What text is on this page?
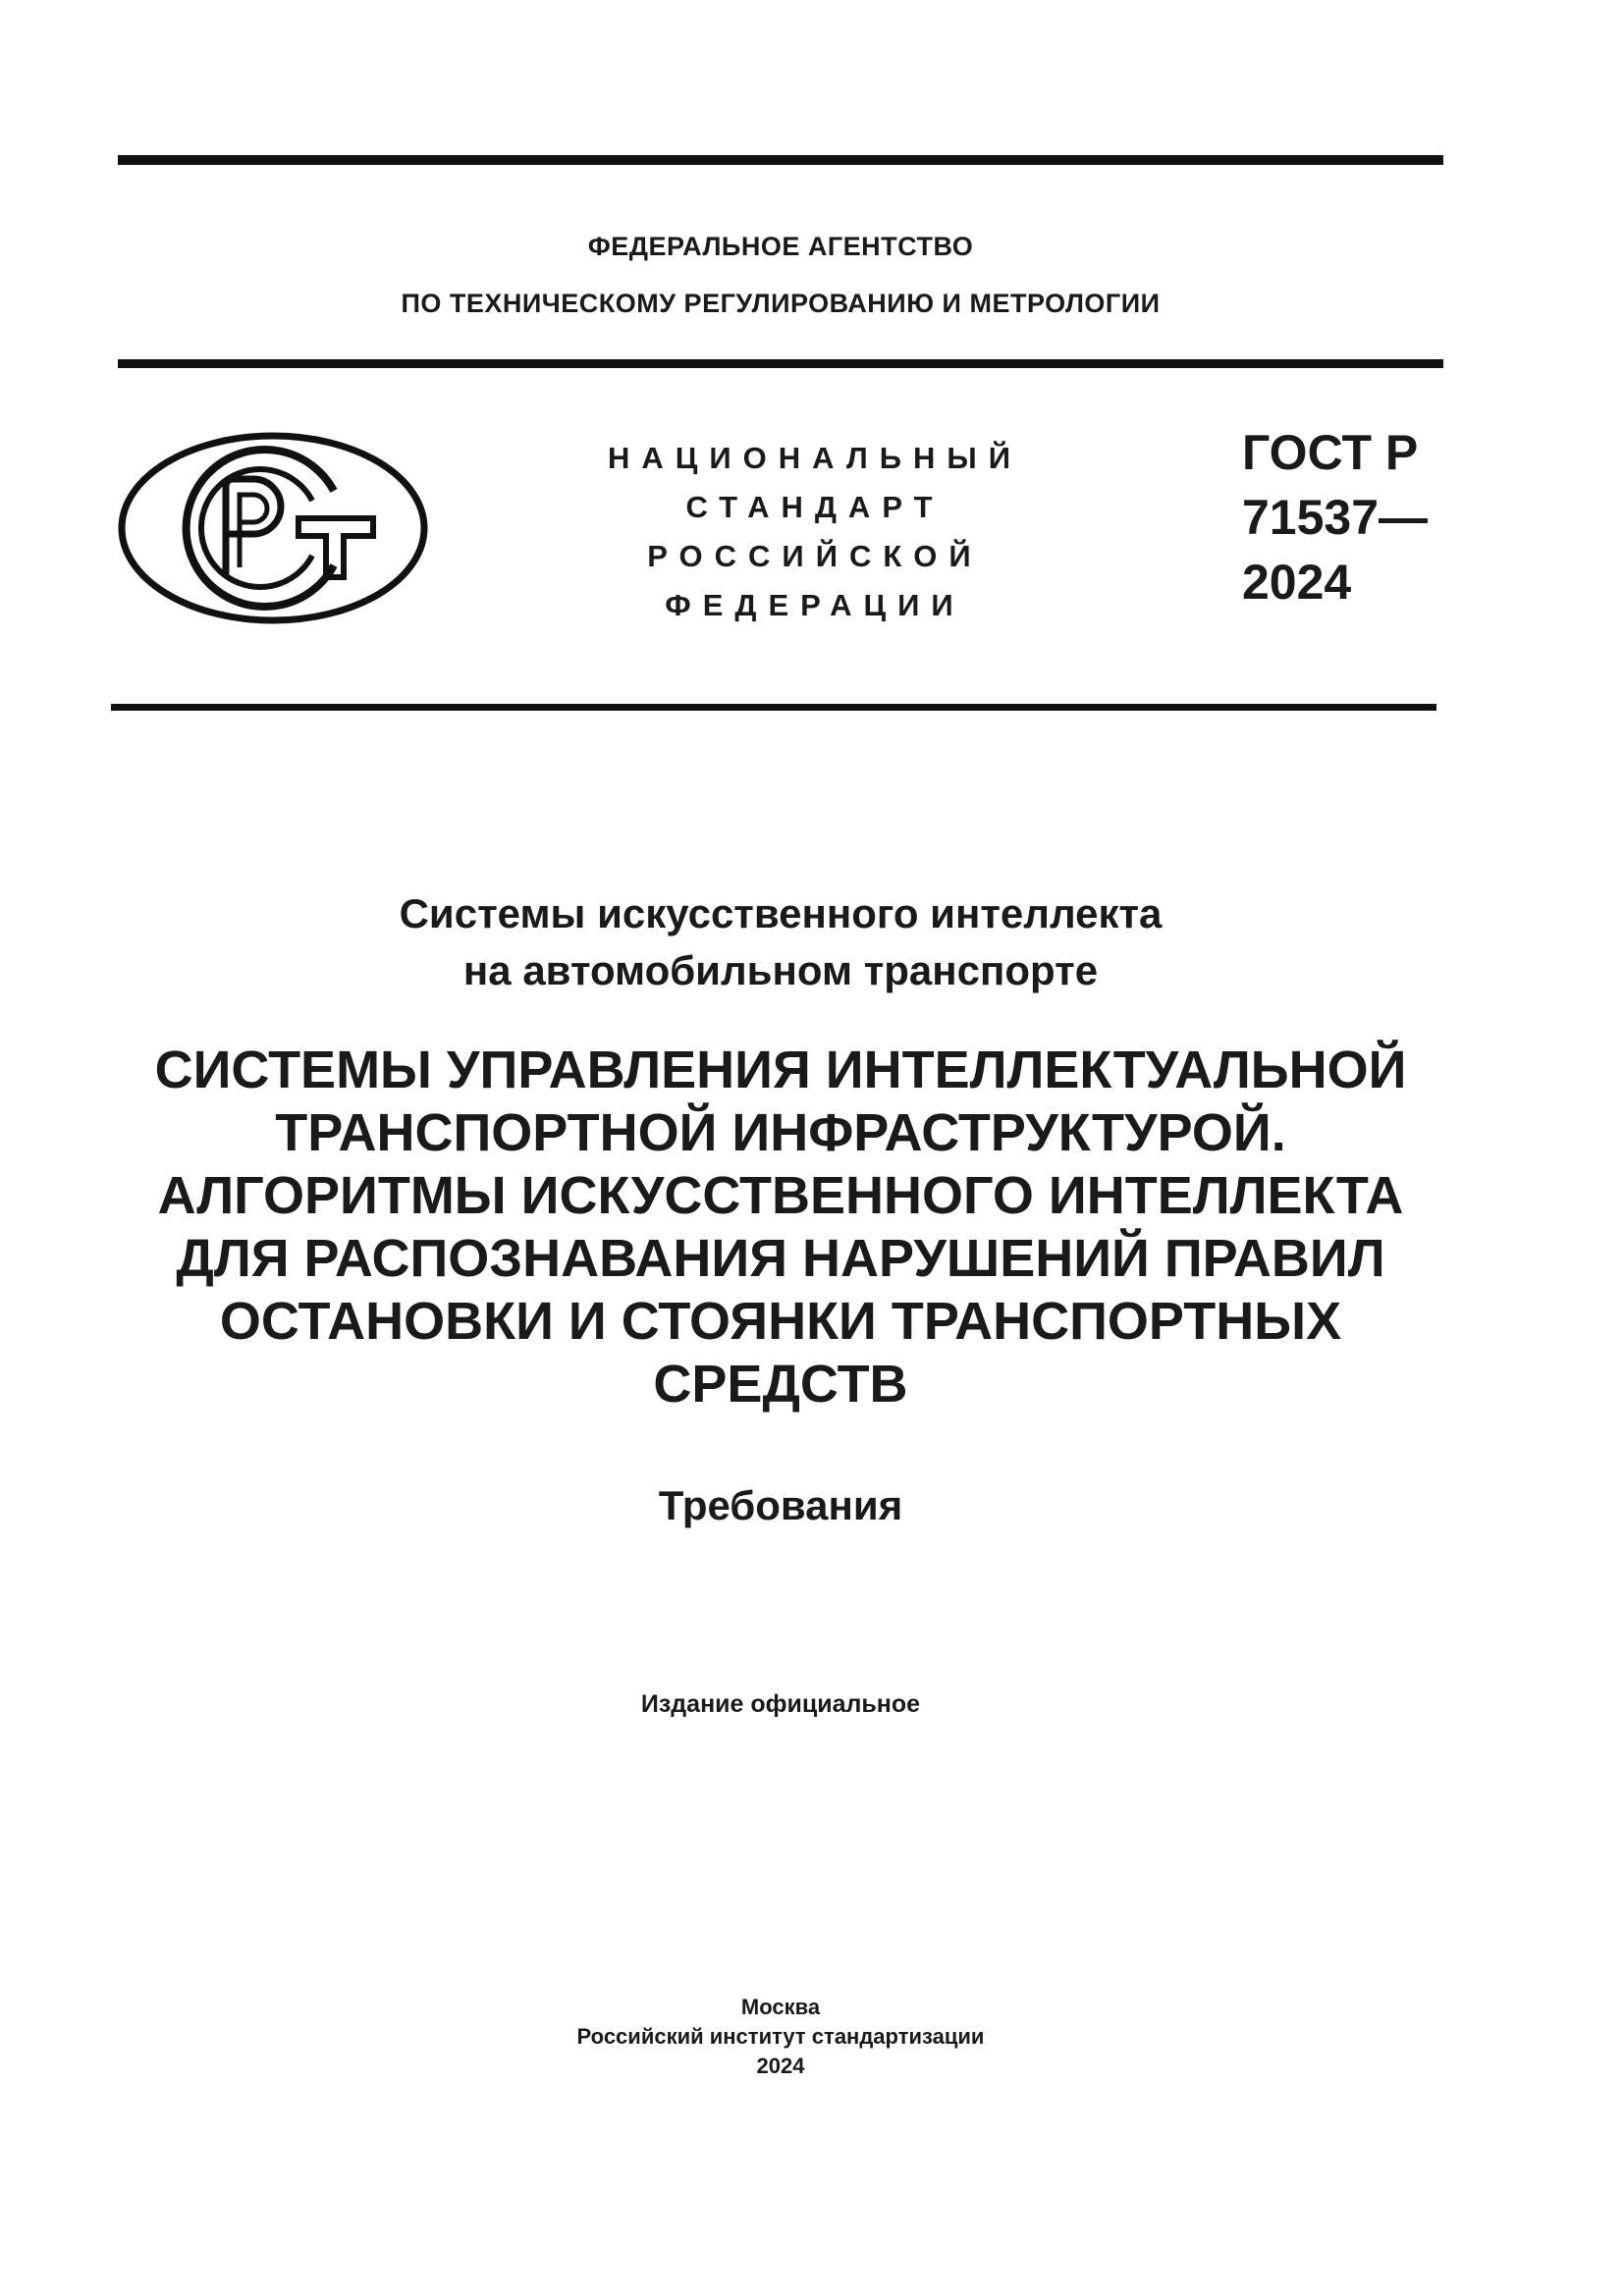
ФЕДЕРАЛЬНОЕ АГЕНТСТВО
ПО ТЕХНИЧЕСКОМУ РЕГУЛИРОВАНИЮ И МЕТРОЛОГИИ
НАЦИОНАЛЬНЫЙ
СТАНДАРТ
РОССИЙСКОЙ
ФЕДЕРАЦИИ
ГОСТ Р
71537—
2024
Системы искусственного интеллекта
на автомобильном транспорте
СИСТЕМЫ УПРАВЛЕНИЯ ИНТЕЛЛЕКТУАЛЬНОЙ
ТРАНСПОРТНОЙ ИНФРАСТРУКТУРОЙ.
АЛГОРИТМЫ ИСКУССТВЕННОГО ИНТЕЛЛЕКТА
ДЛЯ РАСПОЗНАВАНИЯ НАРУШЕНИЙ ПРАВИЛ
ОСТАНОВКИ И СТОЯНКИ ТРАНСПОРТНЫХ
СРЕДСТВ
Требования
Издание официальное
Москва
Российский институт стандартизации
2024
